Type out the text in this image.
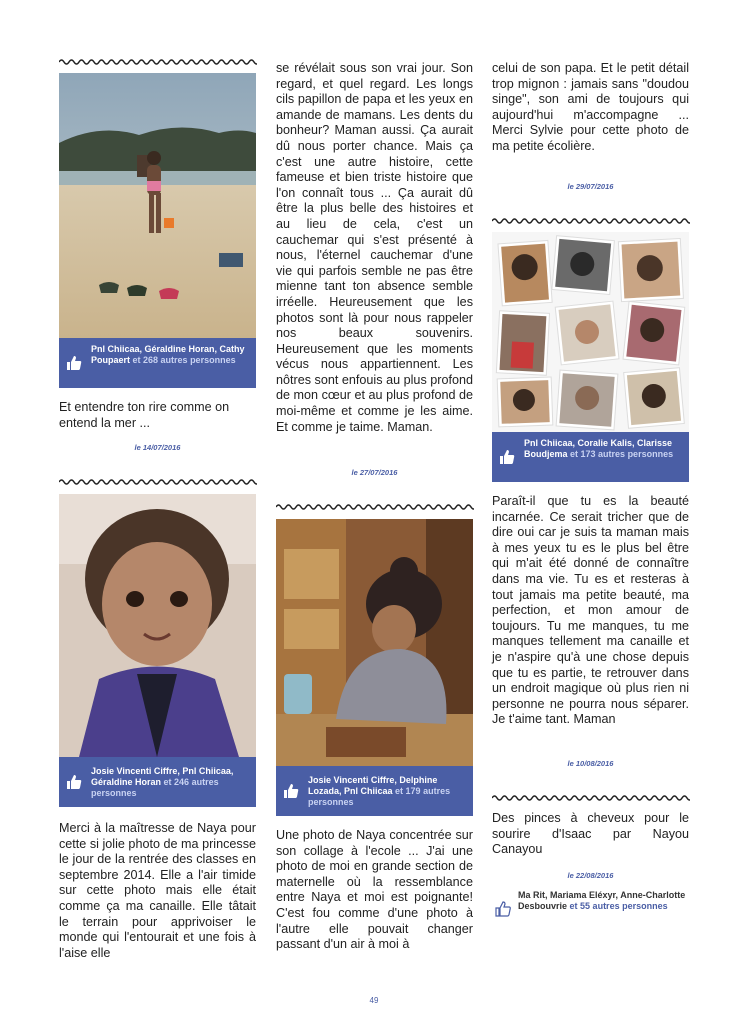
Pnl Chiicaa, Géraldine Horan, Cathy Poupaert et 268 autres personnes
Et entendre ton rire comme on entend la mer ...
le 14/07/2016
Josie Vincenti Ciffre, Pnl Chiicaa, Géraldine Horan et 246 autres personnes
Merci à la maîtresse de Naya pour cette si jolie photo de ma princesse le jour de la rentrée des classes en septembre 2014. Elle a l'air timide sur cette photo mais elle était comme ça ma canaille. Elle tâtait le terrain pour apprivoiser le monde qui l'entourait et une fois à l'aise elle
se révélait sous son vrai jour. Son regard, et quel regard. Les longs cils papillon de papa et les yeux en amande de mamans. Les dents du bonheur? Maman aussi. Ça aurait dû nous porter chance. Mais ça c'est une autre histoire, cette fameuse et bien triste histoire que l'on connaît tous ... Ça aurait dû être la plus belle des histoires et au lieu de cela, c'est un cauchemar qui s'est présenté à nous, l'éternel cauchemar d'une vie qui parfois semble ne pas être mienne tant ton absence semble irréelle. Heureusement que les photos sont là pour nous rappeler nos beaux souvenirs. Heureusement que les moments vécus nous appartiennent. Les nôtres sont enfouis au plus profond de mon cœur et au plus profond de moi-même et comme je les aime. Et comme je taime. Maman.
le 27/07/2016
Josie Vincenti Ciffre, Delphine Lozada, Pnl Chiicaa et 179 autres personnes
Une photo de Naya concentrée sur son collage à l'ecole ... J'ai une photo de moi en grande section de maternelle où la ressemblance entre Naya et moi est poignante! C'est fou comme d'une photo à l'autre elle pouvait changer passant d'un air à moi à
celui de son papa. Et le petit détail trop mignon : jamais sans "doudou singe", son ami de toujours qui aujourd'hui m'accompagne ... Merci Sylvie pour cette photo de ma petite écolière.
le 29/07/2016
Pnl Chiicaa, Coralie Kalis, Clarisse Boudjema et 173 autres personnes
Paraît-il que tu es la beauté incarnée. Ce serait tricher que de dire oui car je suis ta maman mais à mes yeux tu es le plus bel être qui m'ait été donné de connaître dans ma vie. Tu es et resteras à tout jamais ma petite beauté, ma perfection, et mon amour de toujours. Tu me manques, tu me manques tellement ma canaille et je n'aspire qu'à une chose depuis que tu es partie, te retrouver dans un endroit magique où plus rien ni personne ne pourra nous séparer. Je t'aime tant. Maman
le 10/08/2016
Des pinces à cheveux pour le sourire d'Isaac par Nayou Canayou
le 22/08/2016
Ma Rit, Mariama Eléxyr, Anne-Charlotte Desbouvrie et 55 autres personnes
49
